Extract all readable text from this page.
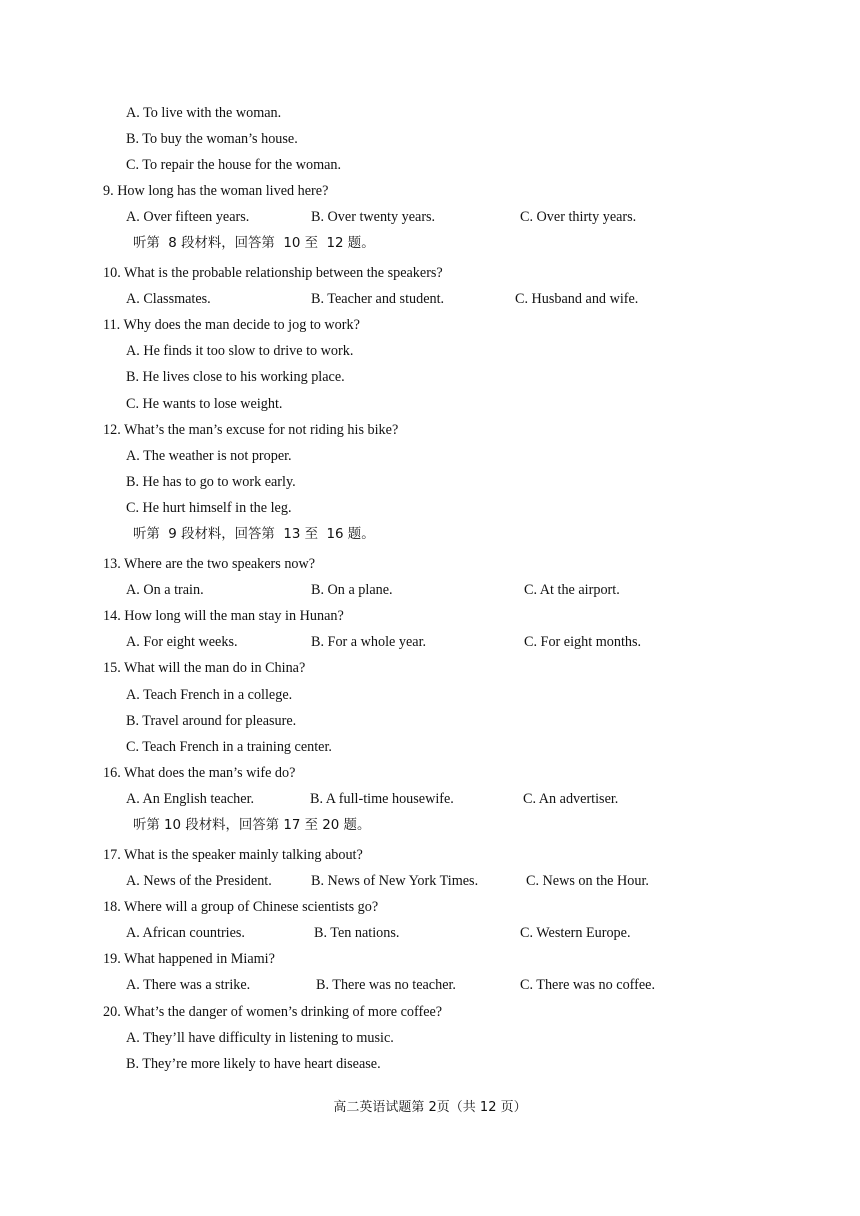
A. To live with the woman.
B. To buy the woman’s house.
C. To repair the house for the woman.
9. How long has the woman lived here?
A. Over fifteen years.	B. Over twenty years.	C. Over thirty years.
听第  8 段材料，回答第  10 至  12 题。
10. What is the probable relationship between the speakers?
A. Classmates.	B. Teacher and student.	C. Husband and wife.
11. Why does the man decide to jog to work?
A. He finds it too slow to drive to work.
B. He lives close to his working place.
C. He wants to lose weight.
12. What’s the man’s excuse for not riding his bike?
A. The weather is not proper.
B. He has to go to work early.
C. He hurt himself in the leg.
听第  9 段材料，回答第  13 至  16 题。
13. Where are the two speakers now?
A. On a train.	B. On a plane.	C. At the airport.
14. How long will the man stay in Hunan?
A. For eight weeks.	B. For a whole year.	C. For eight months.
15. What will the man do in China?
A. Teach French in a college.
B. Travel around for pleasure.
C. Teach French in a training center.
16. What does the man’s wife do?
A. An English teacher.	B. A full-time housewife.	C. An advertiser.
听第 10 段材料，回答第 17 至 20 题。
17. What is the speaker mainly talking about?
A. News of the President.	B. News of New York Times.	C. News on the Hour.
18. Where will a group of Chinese scientists go?
A. African countries.	B. Ten nations.	C. Western Europe.
19. What happened in Miami?
A. There was a strike.	B. There was no teacher.	C. There was no coffee.
20. What’s the danger of women’s drinking of more coffee?
A. They’ll have difficulty in listening to music.
B. They’re more likely to have heart disease.
高二英语试题第 2页（共 12 页）
